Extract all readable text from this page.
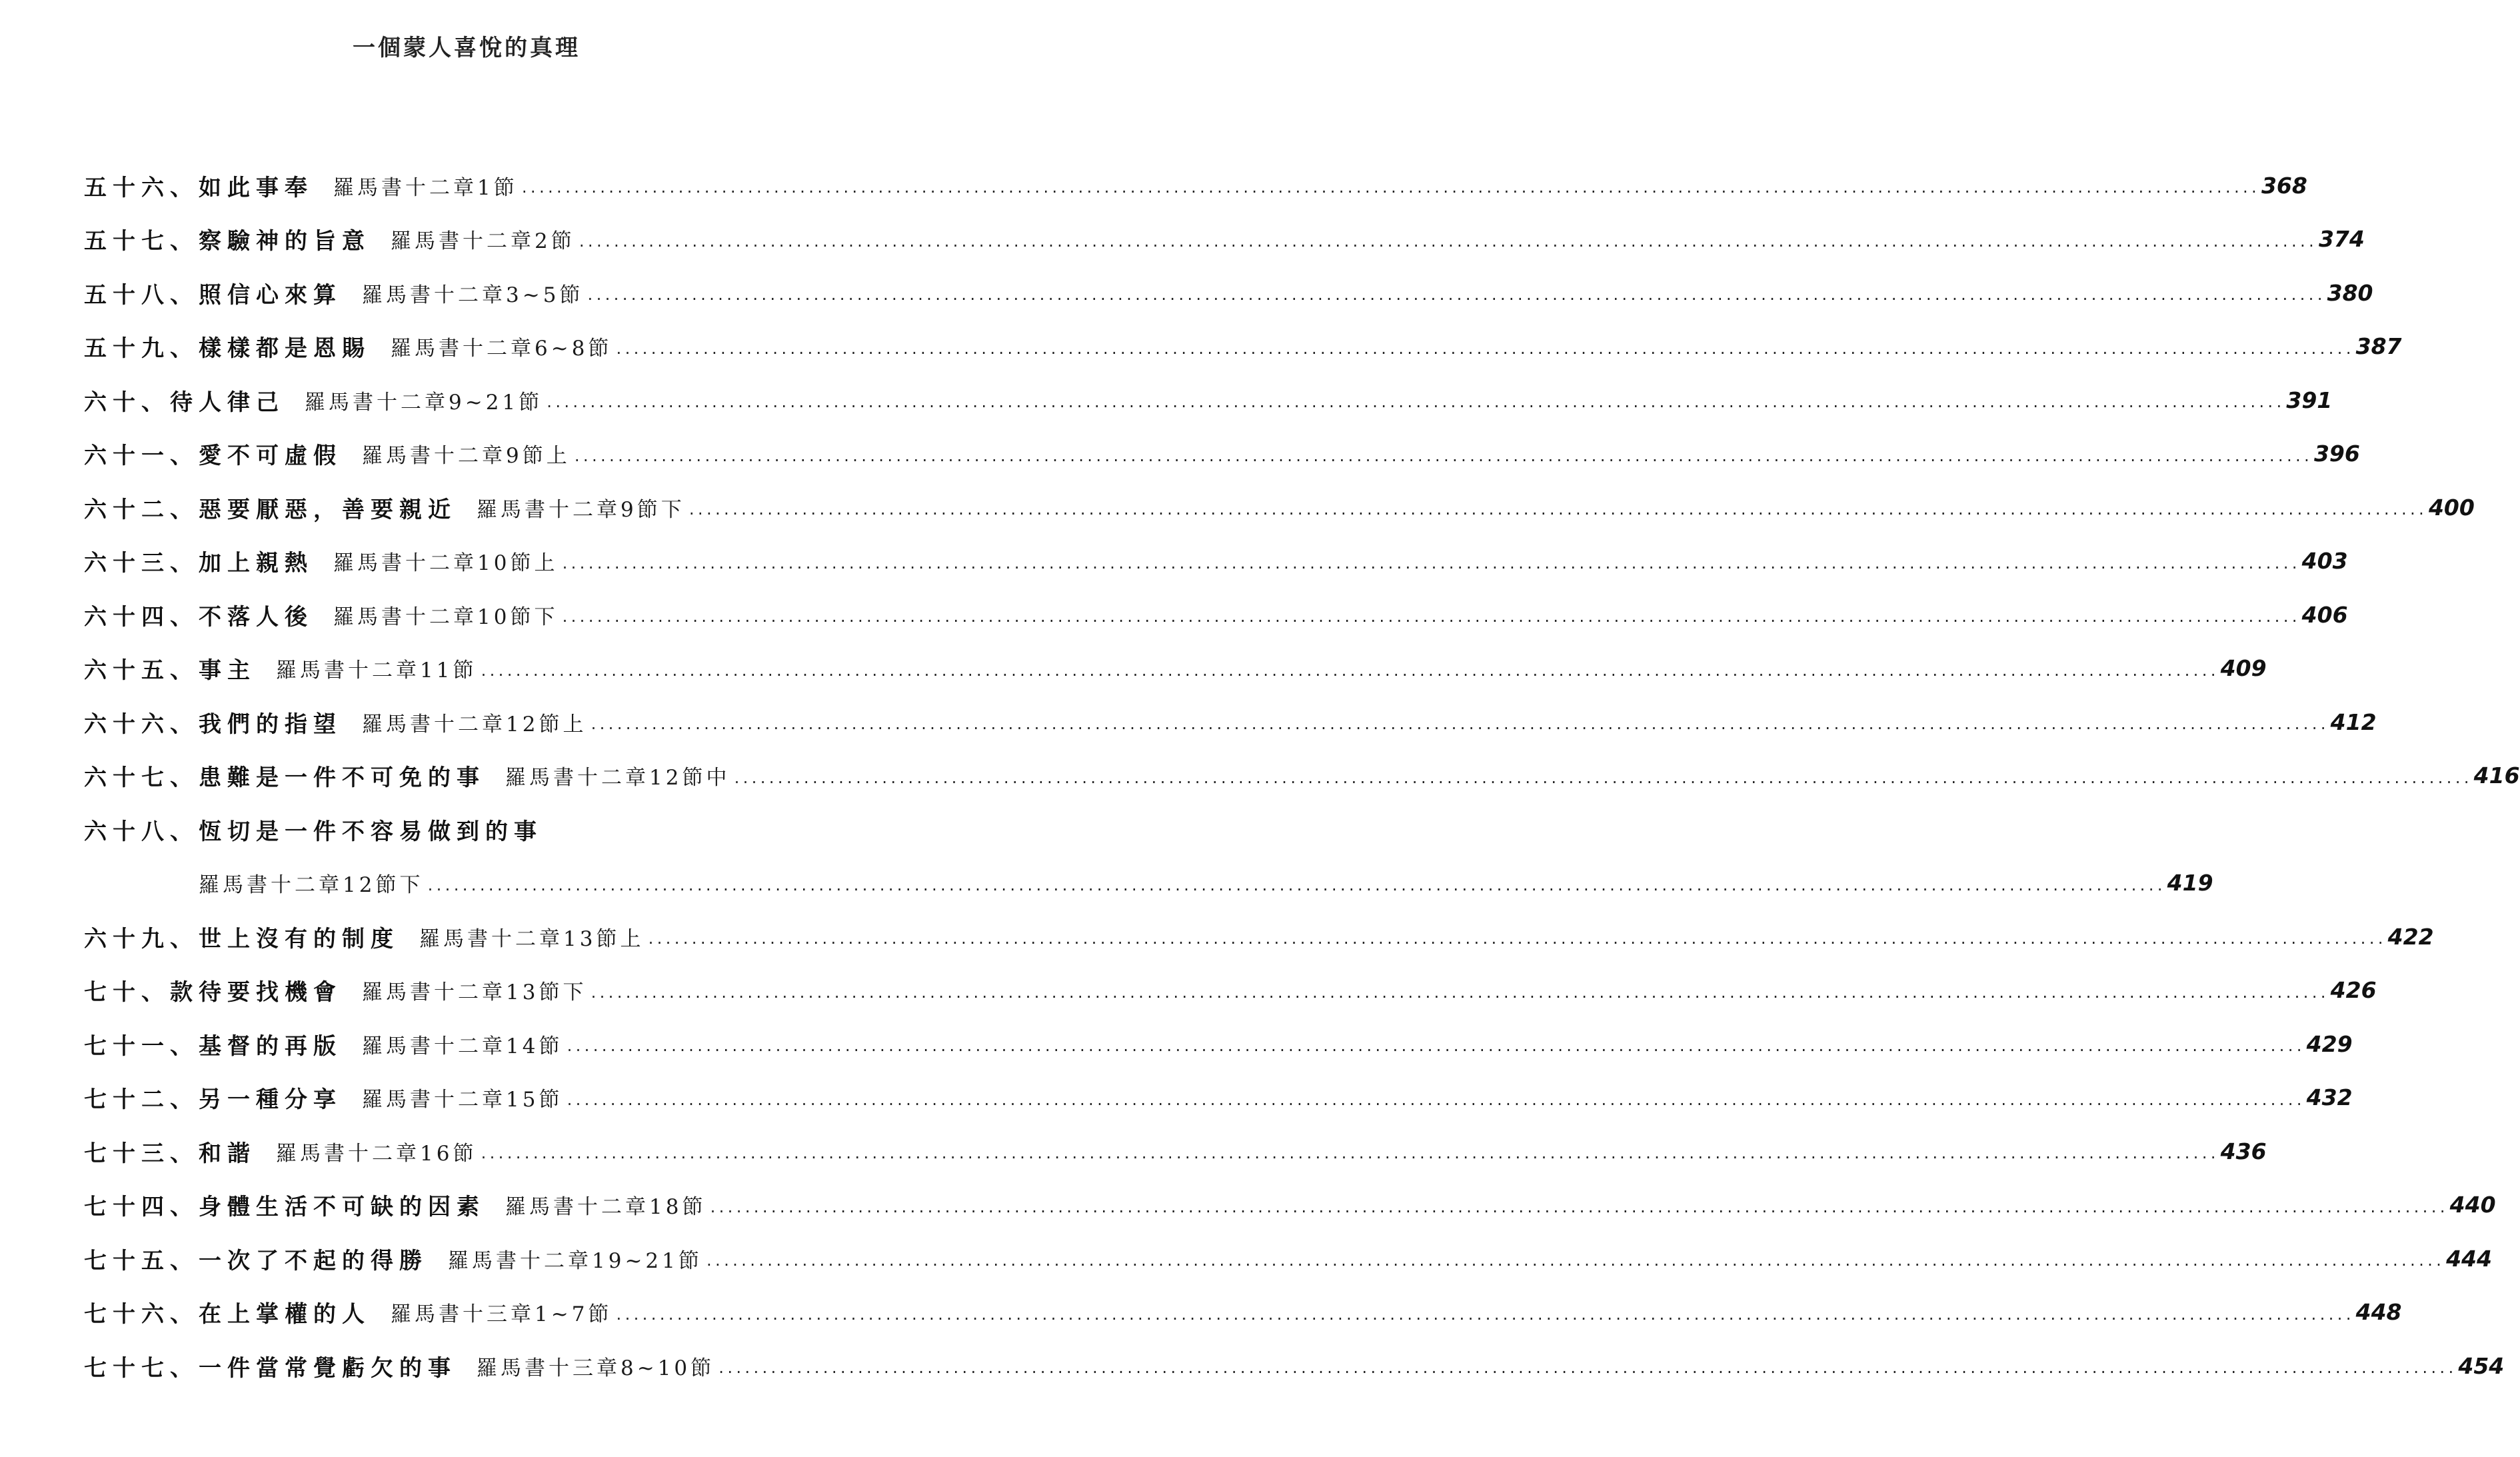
一個蒙人喜悅的真理
五十六、 如此事奉 羅馬書十二章1節 ........................................................................................................................................................................................................ 368
五十七、 察驗神的旨意 羅馬書十二章2節 ........................................................................................................................................................................................................ 374
五十八、 照信心來算 羅馬書十二章3~5節 ........................................................................................................................................................................................................ 380
五十九、 樣樣都是恩賜 羅馬書十二章6~8節 ........................................................................................................................................................................................................ 387
六十、 待人律己 羅馬書十二章9~21節 ........................................................................................................................................................................................................ 391
六十一、 愛不可虛假 羅馬書十二章9節上 ........................................................................................................................................................................................................ 396
六十二、 惡要厭惡，善要親近 羅馬書十二章9節下 ........................................................................................................................................................................................................ 400
六十三、 加上親熱 羅馬書十二章10節上 ........................................................................................................................................................................................................ 403
六十四、 不落人後 羅馬書十二章10節下 ........................................................................................................................................................................................................ 406
六十五、 事主 羅馬書十二章11節 ........................................................................................................................................................................................................ 409
六十六、 我們的指望 羅馬書十二章12節上 ........................................................................................................................................................................................................ 412
六十七、 患難是一件不可免的事 羅馬書十二章12節中 ........................................................................................................................................................................................................ 416
六十八、 恆切是一件不容易做到的事
羅馬書十二章12節下 ........................................................................................................................................................................................................ 419
六十九、 世上沒有的制度 羅馬書十二章13節上 ........................................................................................................................................................................................................ 422
七十、 款待要找機會 羅馬書十二章13節下 ........................................................................................................................................................................................................ 426
七十一、 基督的再版 羅馬書十二章14節 ........................................................................................................................................................................................................ 429
七十二、 另一種分享 羅馬書十二章15節 ........................................................................................................................................................................................................ 432
七十三、 和諧 羅馬書十二章16節 ........................................................................................................................................................................................................ 436
七十四、 身體生活不可缺的因素 羅馬書十二章18節 ........................................................................................................................................................................................................ 440
七十五、 一次了不起的得勝 羅馬書十二章19~21節 ........................................................................................................................................................................................................ 444
七十六、 在上掌權的人 羅馬書十三章1~7節 ........................................................................................................................................................................................................ 448
七十七、 一件當常覺虧欠的事 羅馬書十三章8~10節 ........................................................................................................................................................................................................ 454
